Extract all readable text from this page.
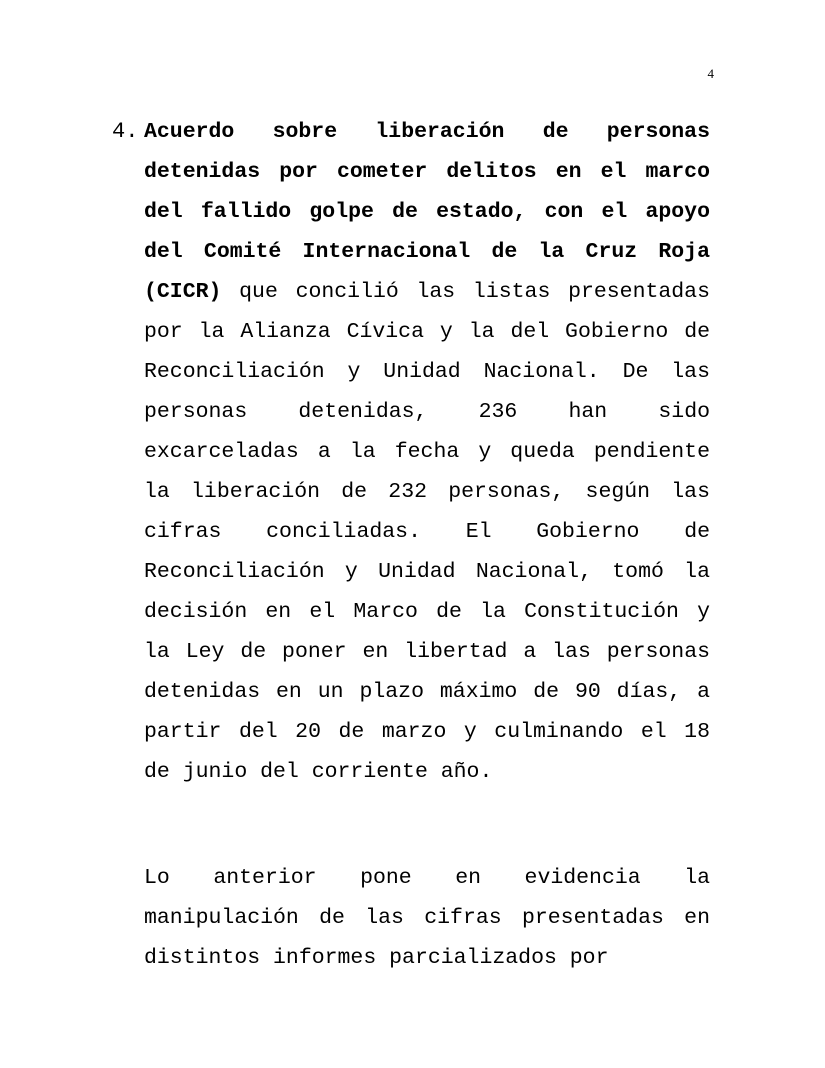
4
4. Acuerdo sobre liberación de personas detenidas por cometer delitos en el marco del fallido golpe de estado, con el apoyo del Comité Internacional de la Cruz Roja (CICR) que concilió las listas presentadas por la Alianza Cívica y la del Gobierno de Reconciliación y Unidad Nacional. De las personas detenidas, 236 han sido excarceladas a la fecha y queda pendiente la liberación de 232 personas, según las cifras conciliadas. El Gobierno de Reconciliación y Unidad Nacional, tomó la decisión en el Marco de la Constitución y la Ley de poner en libertad a las personas detenidas en un plazo máximo de 90 días, a partir del 20 de marzo y culminando el 18 de junio del corriente año.

Lo anterior pone en evidencia la manipulación de las cifras presentadas en distintos informes parcializados por
